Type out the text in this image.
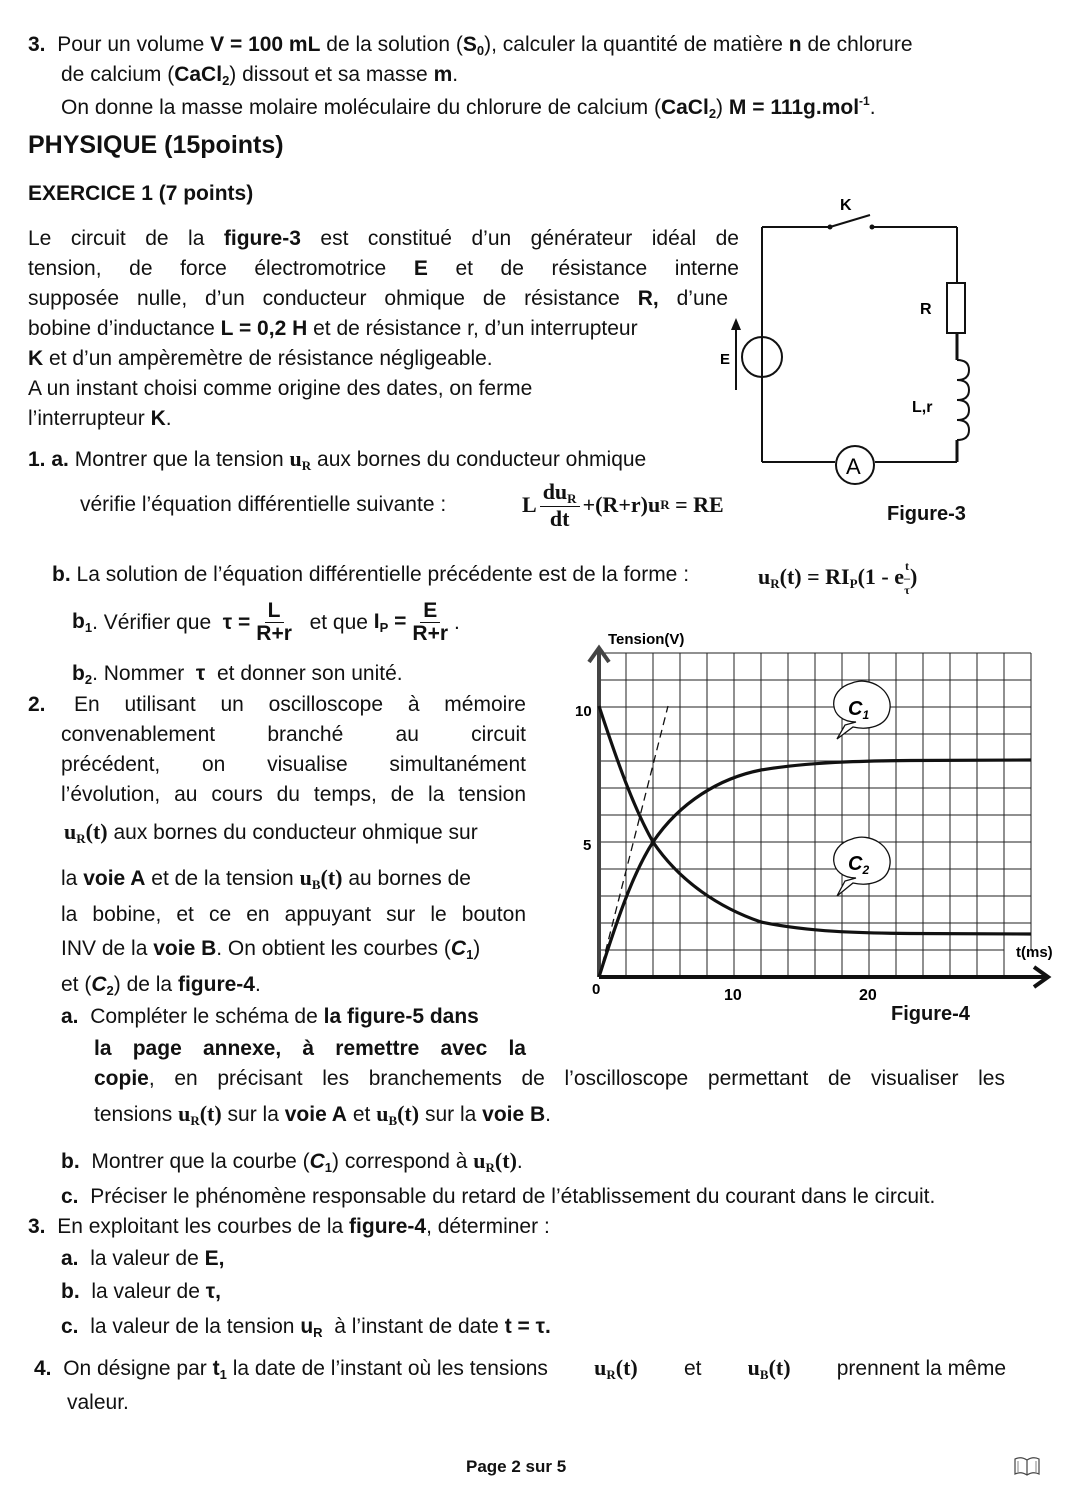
3. Pour un volume V = 100 mL de la solution $(S_0)$, calculer la quantité de matière n de chlorure
de calcium (CaCl$_2$) dissout et sa masse m.
On donne la masse molaire moléculaire du chlorure de calcium (CaCl$_2$) M = 111g.mol$^{-1}$.
PHYSIQUE (15points)
EXERCICE 1 (7 points)
Le circuit de la figure-3 est constitué d’un générateur idéal de
tension, de force électromotrice E et de résistance interne
supposée nulle, d’un conducteur ohmique de résistance R, d’une
bobine d’inductance L = 0,2 H et de résistance r, d’un interrupteur
K et d’un ampèremètre de résistance négligeable.
A un instant choisi comme origine des dates, on ferme
l’interrupteur K.
K
R
E
L,r
A
Figure-3
1. a. Montrer que la tension $u_R$ aux bornes du conducteur ohmique
vérifie l’équation différentielle suivante :	L $\frac{du_R}{dt} +(R+r)u$ R
= RE
b. La solution de l’équation différentielle précédente est de la forme :	$u_R(t) = RI_P(1 - e$ t
–
τ
)
$b_1$ . Vérifier que
$\tau = \frac{L}{R+r}$
et que
$I_P = \frac{E}{R+r}$ .
$b_2$. Nommer τ et donner son unité.
2. En utilisant un oscilloscope à mémoire
convenablement branché au circuit
précédent, on visualise simultanément
l’évolution, au cours du temps, de la tension
$u_R(t)$ aux bornes du conducteur ohmique sur
la voie A et de la tension $u_B(t)$ au bornes de
la bobine, et ce en appuyant sur le bouton
INV de la voie B. On obtient les courbes $(C_1)$
et $(C_2)$ de la figure-4.
a. Compléter le schéma de la figure-5 dans
la page annexe, à remettre avec la
copie, en précisant les branchements de l’oscilloscope permettant de visualiser les
tensions $u_R(t)$ sur la voie A et $u_B(t)$ sur la voie B.
b. Montrer que la courbe $(C_1)$ correspond à $u_R(t)$.
c. Préciser le phénomène responsable du retard de l’établissement du courant dans le circuit.
3. En exploitant les courbes de la figure-4, déterminer :
a. la valeur de E,
b. la valeur de τ,
c. la valeur de la tension $u_R$ à l’instant de date t = τ.
4. On désigne par $t_1$ la date de l’instant où les tensions $u_R(t)$ et $u_B(t)$ prennent la même
valeur.
$C_1$
$C_2$
Tension(V)
t(ms)
10
5
0	10	20
Figure-4
Page 2 sur 5
